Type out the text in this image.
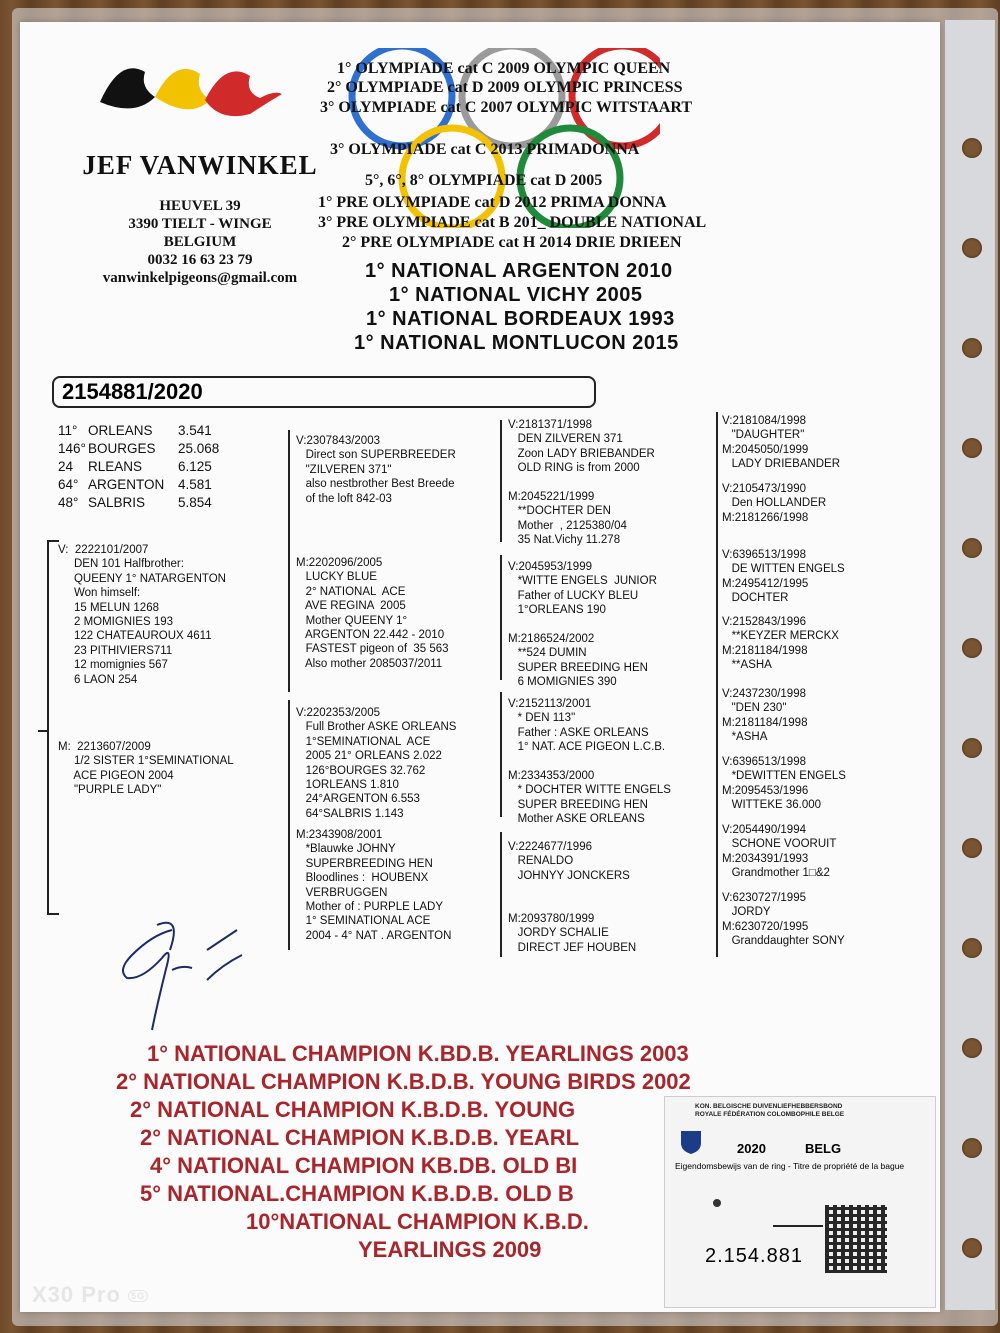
JEF VANWINKEL
HEUVEL 39
3390 TIELT - WINGE
BELGIUM
0032 16 63 23 79
vanwinkelpigeons@gmail.com
1° OLYMPIADE cat C 2009 OLYMPIC QUEEN
2° OLYMPIADE cat D 2009 OLYMPIC PRINCESS
3° OLYMPIADE cat C 2007 OLYMPIC WITSTAART
3° OLYMPIADE cat C 2013 PRIMADONNA
5°, 6°, 8° OLYMPIADE cat D 2005
1° PRE OLYMPIADE cat D 2012 PRIMA DONNA
3° PRE OLYMPIADE cat B 201_ DOUBLE NATIONAL
2° PRE OLYMPIADE cat H 2014 DRIE DRIEEN
1° NATIONAL ARGENTON 2010
1° NATIONAL VICHY 2005
1° NATIONAL BORDEAUX 1993
1° NATIONAL MONTLUCON 2015
2154881/2020
11° ORLEANS	3.541
146° BOURGES	25.068
24	RLEANS	6.125
64° ARGENTON	4.581
48° SALBRIS	5.854
V:  2222101/2007
DEN 101 Halfbrother:
QUEENY 1° NATARGENTON
Won himself:
15 MELUN 1268
2 MOMIGNIES 193
122 CHATEAUROUX 4611
23 PITHIVIERS711
12 momignies 567
6 LAON 254
M:  2213607/2009
1/2 SISTER 1°SEMINATIONAL
ACE PIGEON 2004
"PURPLE LADY"
V:2307843/2003
Direct son SUPERBREEDER
"ZILVEREN 371"
also nestbrother Best Breede
of the loft 842-03
M:2202096/2005
LUCKY BLUE
2° NATIONAL  ACE
AVE REGINA  2005
Mother QUEENY 1°
ARGENTON 22.442 - 2010
FASTEST pigeon of  35 563
Also mother 2085037/2011
V:2202353/2005
Full Brother ASKE ORLEANS
1°SEMINATIONAL  ACE
2005 21° ORLEANS 2.022
126°BOURGES 32.762
1ORLEANS 1.810
24°ARGENTON 6.553
64°SALBRIS 1.143
M:2343908/2001
*Blauwke JOHNY
SUPERBREEDING HEN
Bloodlines :  HOUBENX
VERBRUGGEN
Mother of : PURPLE LADY
1° SEMINATIONAL ACE
2004 - 4° NAT . ARGENTON
V:2181371/1998
DEN ZILVEREN 371
Zoon LADY BRIEBANDER
OLD RING is from 2000

M:2045221/1999
**DOCHTER DEN
Mother  , 2125380/04
35 Nat.Vichy 11.278
V:2045953/1999
*WITTE ENGELS  JUNIOR
Father of LUCKY BLEU
1°ORLEANS 190

M:2186524/2002
**524 DUMIN
SUPER BREEDING HEN
6 MOMIGNIES 390
V:2152113/2001
* DEN 113"
Father : ASKE ORLEANS
1° NAT. ACE PIGEON L.C.B.

M:2334353/2000
* DOCHTER WITTE ENGELS
SUPER BREEDING HEN
Mother ASKE ORLEANS
V:2224677/1996
RENALDO
JOHNYY JONCKERS

M:2093780/1999
JORDY SCHALIE
DIRECT JEF HOUBEN
V:2181084/1998
"DAUGHTER"
M:2045050/1999
LADY DRIEBANDER
V:2105473/1990
Den HOLLANDER
M:2181266/1998
V:6396513/1998
DE WITTEN ENGELS
M:2495412/1995
DOCHTER
V:2152843/1996
**KEYZER MERCKX
M:2181184/1998
**ASHA
V:2437230/1998
"DEN 230"
M:2181184/1998
*ASHA
V:6396513/1998
*DEWITTEN ENGELS
M:2095453/1996
WITTEKE 36.000
V:2054490/1994
SCHONE VOORUIT
M:2034391/1993
Grandmother 1□&2
V:6230727/1995
JORDY
M:6230720/1995
Granddaughter SONY
1° NATIONAL CHAMPION K.BD.B. YEARLINGS 2003
2° NATIONAL CHAMPION K.B.D.B. YOUNG BIRDS 2002
2° NATIONAL CHAMPION K.B.D.B. YOUNG
2° NATIONAL CHAMPION K.B.D.B. YEARL
4° NATIONAL CHAMPION KB.DB. OLD BI
5° NATIONAL.CHAMPION K.B.D.B. OLD B
10°NATIONAL CHAMPION K.B.D.
YEARLINGS 2009
KON. BELGISCHE DUIVENLIEFHEBBERSBOND
ROYALE FÉDÉRATION COLOMBOPHILE BELGE
2020	BELG
Eigendomsbewijs van de ring - Titre de propriété de la bague
2.154.881
X30 Pro 5G
